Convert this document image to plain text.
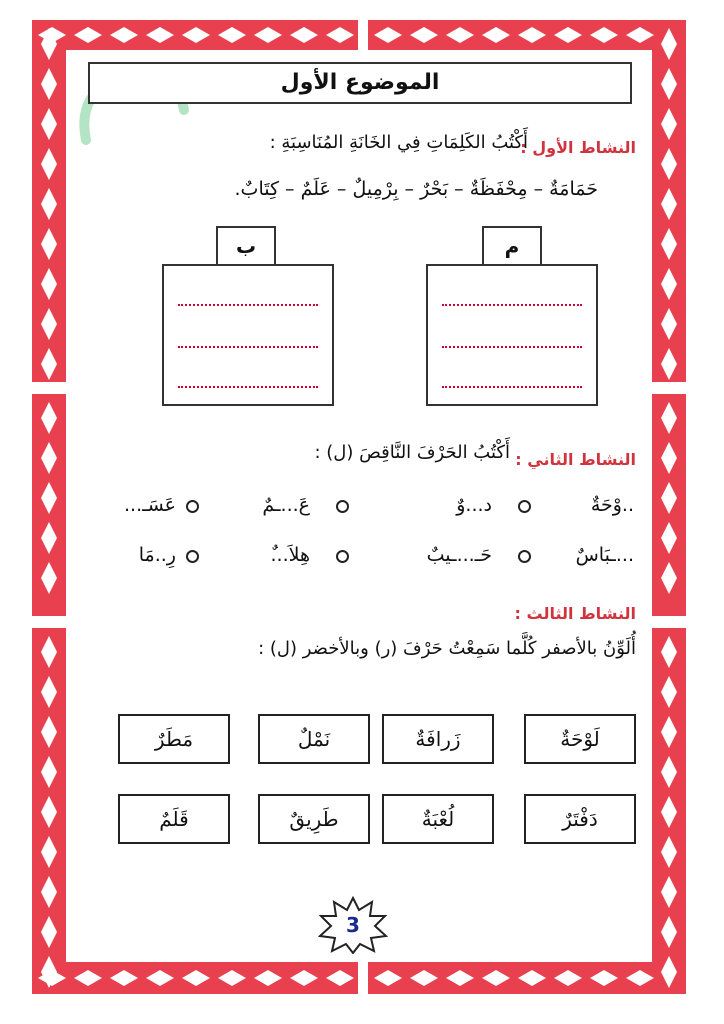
الموضوع الأول
النشاط الأول :
أَكْتُبُ الكَلِمَاتِ فِي الخَانَةِ المُنَاسِبَةِ :
حَمَامَةٌ – مِحْفَظَةٌ – بَحْرٌ – بِرْمِيلٌ – عَلَمٌ – كِتَابٌ.
م
ب
النشاط الثاني :
أَكْتُبُ الحَرْفَ النَّاقِصَ (ل) :
..وْحَةٌ
د...وٌ
عَ...ـمٌ
عَسَـ...
...ـبَاسٌ
حَـ...ـيبٌ
هِلاَ...ٌ
رِ..مَا
النشاط الثالث :
أُلَوِّنُ بالأصفر كُلَّما سَمِعْتُ حَرْفَ (ر) وبالأخضر (ل) :
لَوْحَةٌ
زَرافَةٌ
نَمْلٌ
مَطَرٌ
دَفْتَرٌ
لُعْبَةٌ
طَرِيقٌ
قَلَمٌ
3
